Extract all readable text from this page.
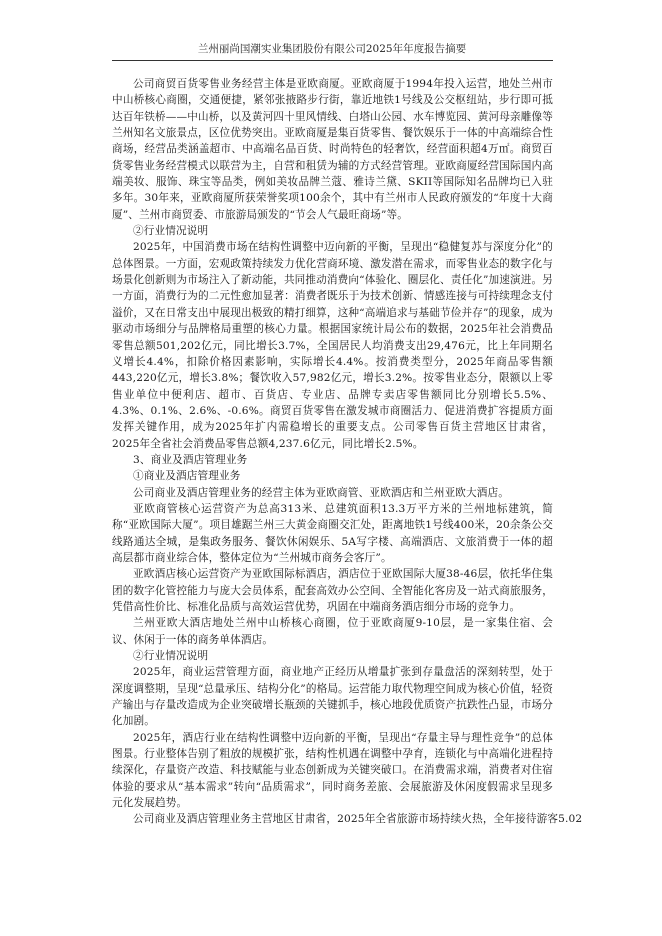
兰州丽尚国潮实业集团股份有限公司2025年年度报告摘要

公司商贸百货零售业务经营主体是亚欧商厦。亚欧商厦于1994年投入运营，地处兰州市中山桥核心商圈，交通便捷，紧邻张掖路步行街，靠近地铁1号线及公交枢纽站，步行即可抵达百年铁桥——中山桥，以及黄河四十里风情线、白塔山公园、水车博览园、黄河母亲雕像等兰州知名文旅景点，区位优势突出。亚欧商厦是集百货零售、餐饮娱乐于一体的中高端综合性商场，经营品类涵盖超市、中高端名品百货、时尚特色的轻奢饮，经营面积超4万㎡。商贸百货零售业务经营模式以联营为主，自营和租赁为辅的方式经营管理。亚欧商厦经营国际国内高端美妆、服饰、珠宝等品类，例如美妆品牌兰蔻、雅诗兰黛、SKII等国际知名品牌均已入驻多年。30年来，亚欧商厦所获荣誉奖项100余个，其中有兰州市人民政府颁发的“年度十大商厦”、兰州市商贸委、市旅游局颁发的“节会人气最旺商场”等。

②行业情况说明

2025年，中国消费市场在结构性调整中迈向新的平衡，呈现出“稳健复苏与深度分化”的总体图景。一方面，宏观政策持续发力优化营商环境、激发潜在需求，而零售业态的数字化与场景化创新则为市场注入了新动能，共同推动消费向“体验化、圈层化、责任化”加速演进。另一方面，消费行为的二元性愈加显著：消费者既乐于为技术创新、情感连接与可持续理念支付溢价，又在日常支出中展现出极致的精打细算，这种“高端追求与基础节俭并存”的现象，成为驱动市场细分与品牌格局重塑的核心力量。根据国家统计局公布的数据，2025年社会消费品零售总额501,202亿元，同比增长3.7%，全国居民人均消费支出29,476元，比上年同期名义增长4.4%，扣除价格因素影响，实际增长4.4%。按消费类型分，2025年商品零售额443,220亿元，增长3.8%；餐饮收入57,982亿元，增长3.2%。按零售业态分，限额以上零售业单位中便利店、超市、百货店、专业店、品牌专卖店零售额同比分别增长5.5%、4.3%、0.1%、2.6%、-0.6%。商贸百货零售在激发城市商圈活力、促进消费扩容提质方面发挥关键作用，成为2025年扩内需稳增长的重要支点。公司零售百货主营地区甘肃省，2025年全省社会消费品零售总额4,237.6亿元，同比增长2.5%。

3、商业及酒店管理业务

①商业及酒店管理业务

公司商业及酒店管理业务的经营主体为亚欧商管、亚欧酒店和兰州亚欧大酒店。

亚欧商管核心运营资产为总高313米、总建筑面积13.3万平方米的兰州地标建筑，简称“亚欧国际大厦”。项目雄踞兰州三大黄金商圈交汇处，距离地铁1号线400米，20余条公交线路通达全城，是集政务服务、餐饮休闲娱乐、5A写字楼、高端酒店、文旅消费于一体的超高层都市商业综合体，整体定位为“兰州城市商务会客厅”。

亚欧酒店核心运营资产为亚欧国际标酒店，酒店位于亚欧国际大厦38-46层，依托华住集团的数字化管控能力与庞大会员体系，配套高效办公空间、全智能化客房及一站式商旅服务，凭借高性价比、标准化品质与高效运营优势，巩固在中端商务酒店细分市场的竞争力。

兰州亚欧大酒店地处兰州中山桥核心商圈，位于亚欧商厦9-10层，是一家集住宿、会议、休闲于一体的商务单体酒店。

②行业情况说明

2025年，商业运营管理方面，商业地产正经历从增量扩张到存量盘活的深刻转型，处于深度调整期，呈现“总量承压、结构分化”的格局。运营能力取代物理空间成为核心价值，轻资产输出与存量改造成为企业突破增长瓶颈的关键抓手，核心地段优质资产抗跌性凸显，市场分化加剧。

2025年，酒店行业在结构性调整中迈向新的平衡，呈现出“存量主导与理性竞争”的总体图景。行业整体告别了粗放的规模扩张，结构性机遇在调整中孕育，连锁化与中高端化进程持续深化，存量资产改造、科技赋能与业态创新成为关键突破口。在消费需求端，消费者对住宿体验的要求从“基本需求”转向“品质需求”，同时商务差旅、会展旅游及休闲度假需求呈现多元化发展趋势。

公司商业及酒店管理业务主营地区甘肃省，2025年全省旅游市场持续火热，全年接待游客5.02
